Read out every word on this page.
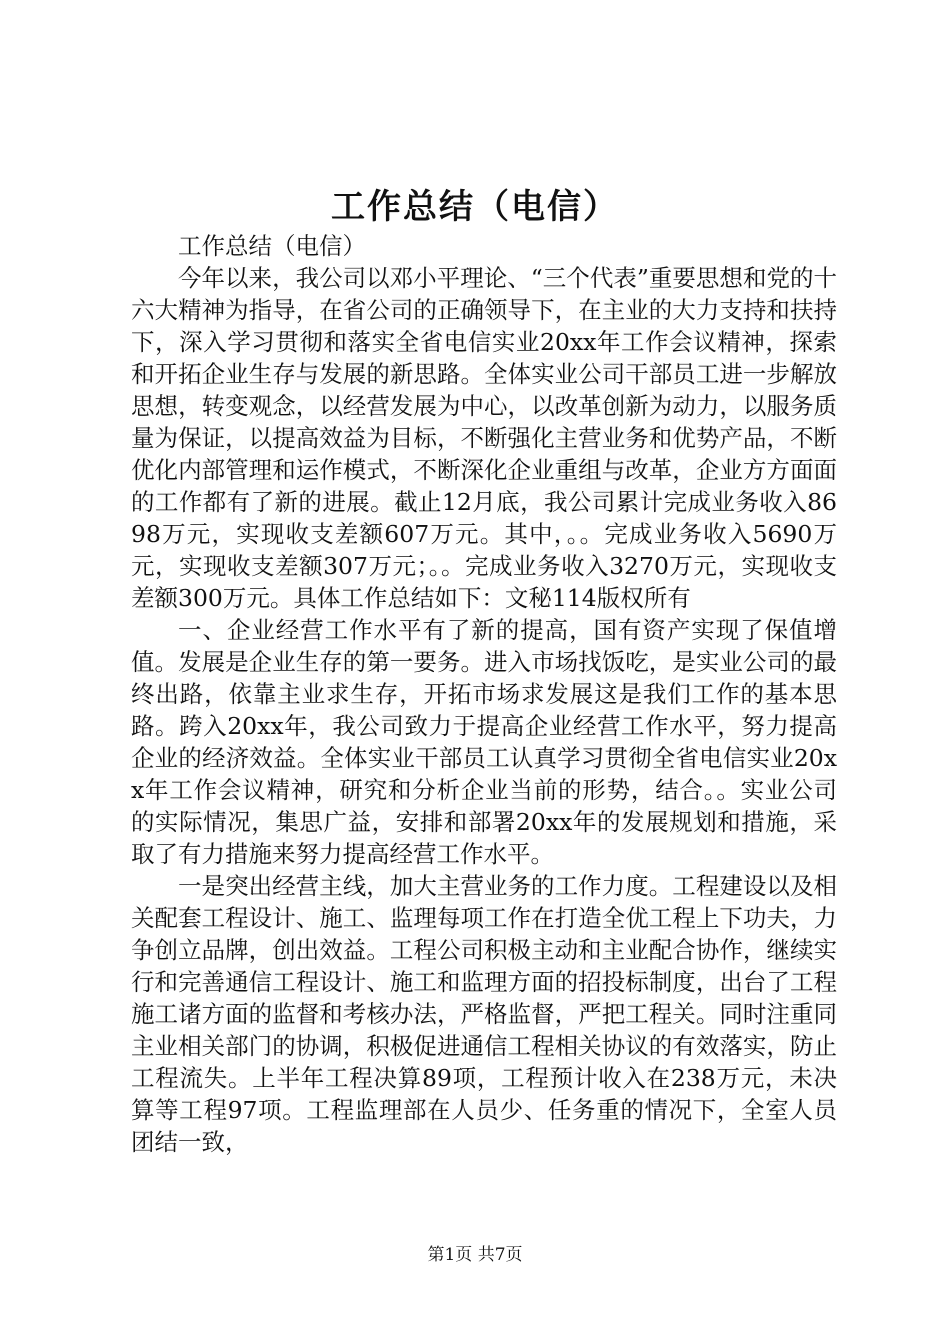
工作总结（电信）

工作总结（电信）

今年以来，我公司以邓小平理论、“三个代表”重要思想和党的十六大精神为指导，在省公司的正确领导下，在主业的大力支持和扶持下，深入学习贯彻和落实全省电信实业20xx年工作会议精神，探索和开拓企业生存与发展的新思路。全体实业公司干部员工进一步解放思想，转变观念，以经营发展为中心，以改革创新为动力，以服务质量为保证，以提高效益为目标，不断强化主营业务和优势产品，不断优化内部管理和运作模式，不断深化企业重组与改革，企业方方面面的工作都有了新的进展。截止12月底，我公司累计完成业务收入8698万元，实现收支差额607万元。其中，。。完成业务收入5690万元，实现收支差额307万元；。。完成业务收入3270万元，实现收支差额300万元。具体工作总结如下：文秘114版权所有

一、企业经营工作水平有了新的提高，国有资产实现了保值增值。发展是企业生存的第一要务。进入市场找饭吃，是实业公司的最终出路，依靠主业求生存，开拓市场求发展这是我们工作的基本思路。跨入20xx年，我公司致力于提高企业经营工作水平，努力提高企业的经济效益。全体实业干部员工认真学习贯彻全省电信实业20xx年工作会议精神，研究和分析企业当前的形势，结合。。实业公司的实际情况，集思广益，安排和部署20xx年的发展规划和措施，采取了有力措施来努力提高经营工作水平。

一是突出经营主线，加大主营业务的工作力度。工程建设以及相关配套工程设计、施工、监理每项工作在打造全优工程上下功夫，力争创立品牌，创出效益。工程公司积极主动和主业配合协作，继续实行和完善通信工程设计、施工和监理方面的招投标制度，出台了工程施工诸方面的监督和考核办法，严格监督，严把工程关。同时注重同主业相关部门的协调，积极促进通信工程相关协议的有效落实，防止工程流失。上半年工程决算89项，工程预计收入在238万元，未决算等工程97项。工程监理部在人员少、任务重的情况下，全室人员团结一致，

第1页 共7页
